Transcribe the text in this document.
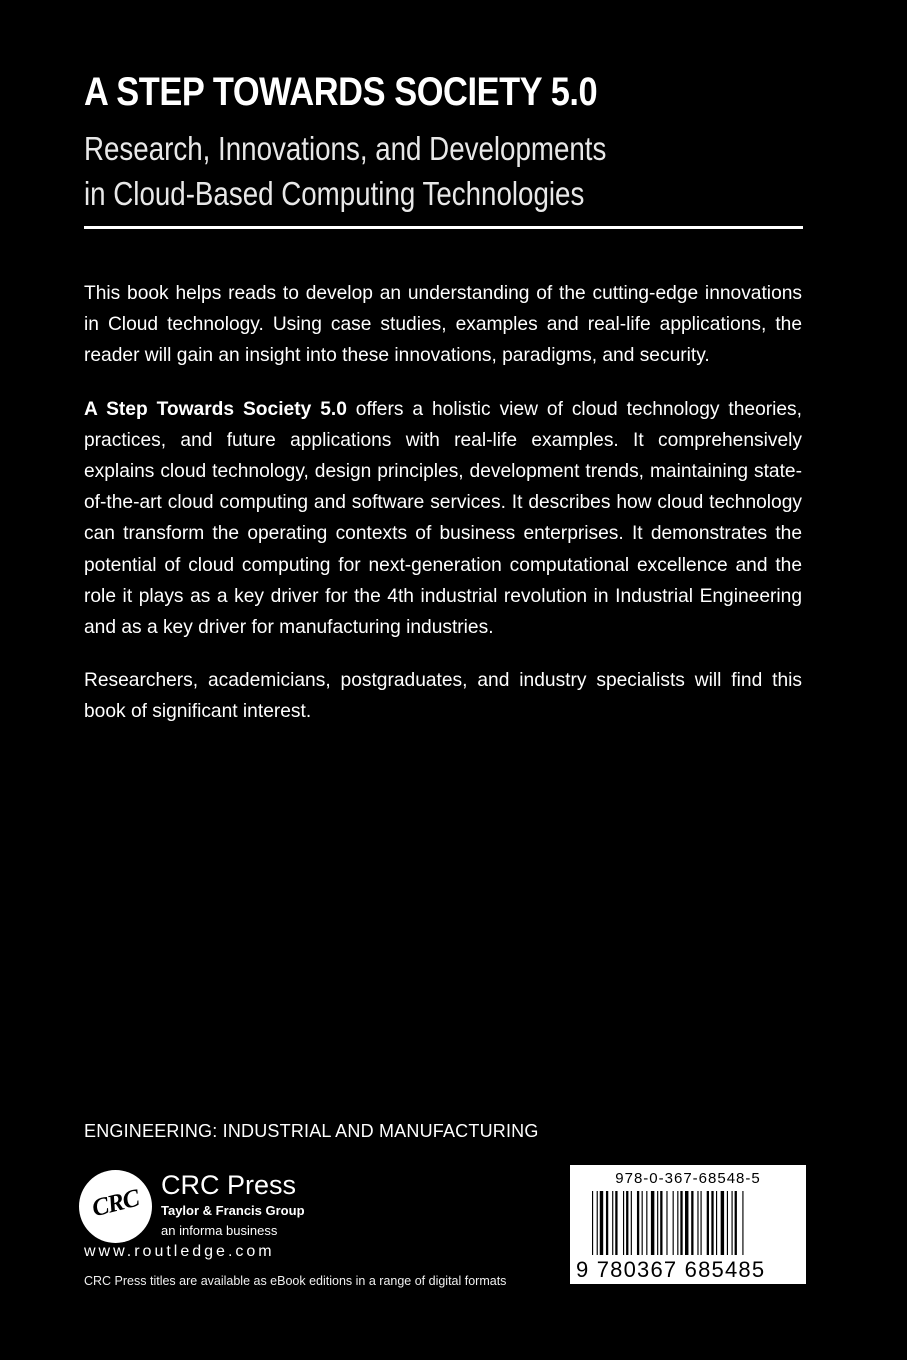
A STEP TOWARDS SOCIETY 5.0
Research, Innovations, and Developments
in Cloud-Based Computing Technologies

This book helps reads to develop an understanding of the cutting-edge innovations in Cloud technology. Using case studies, examples and real-life applications, the reader will gain an insight into these innovations, paradigms, and security.

A Step Towards Society 5.0 offers a holistic view of cloud technology theories, practices, and future applications with real-life examples. It comprehensively explains cloud technology, design principles, development trends, maintaining state-of-the-art cloud computing and software services. It describes how cloud technology can transform the operating contexts of business enterprises. It demonstrates the potential of cloud computing for next-generation computational excellence and the role it plays as a key driver for the 4th industrial revolution in Industrial Engineering and as a key driver for manufacturing industries.

Researchers, academicians, postgraduates, and industry specialists will find this book of significant interest.

ENGINEERING: INDUSTRIAL AND MANUFACTURING
CRC CRC Press
Taylor & Francis Group
an informa business
www.routledge.com
CRC Press titles are available as eBook editions in a range of digital formats
978-0-367-68548-5
9 780367 685485
